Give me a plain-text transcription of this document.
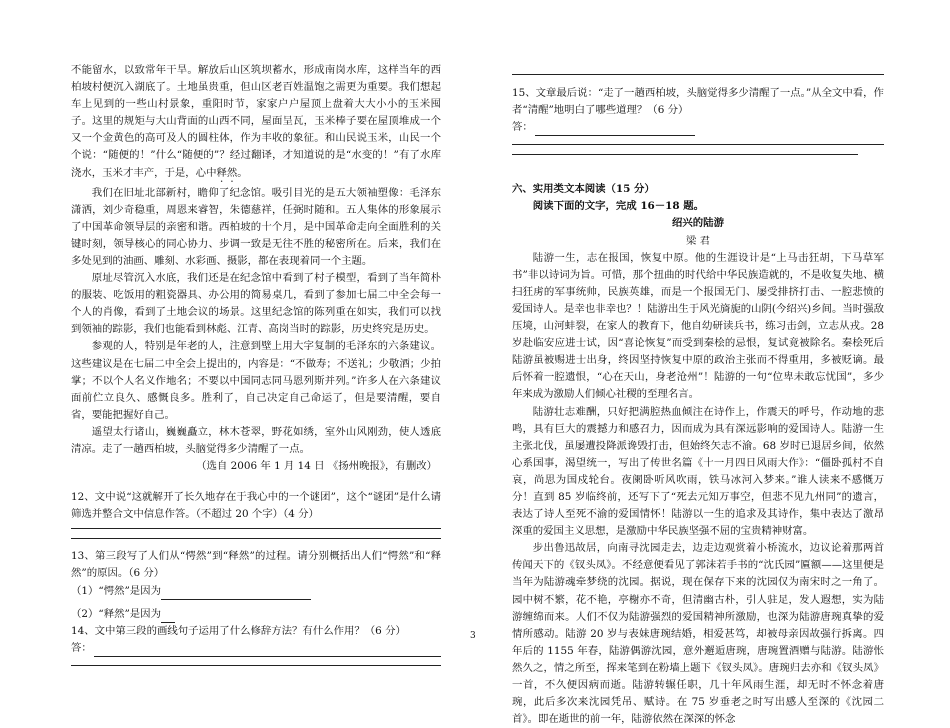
不能留水，以致常年干旱。解放后山区筑坝蓄水，形成南岗水库，这样当年的西柏坡村便沉入湖底了。土地虽贵重，但山区老百姓温饱之需更为重要。我们想起车上见到的一些山村景象，重阳时节，家家户户屋顶上盘着大大小小的玉米囤子。这里的规矩与大山背面的山西不同，屋面呈瓦，玉米棒子要在屋顶堆成一个又一个金黄色的高可及人的圆柱体，作为丰收的象征。和山民说玉米，山民一个个说：“随便的！”什么“随便的”？经过翻译，才知道说的是“水变的！”有了水库浇水，玉米才丰产，于是，心中释然。

我们在旧址北部新村，瞻仰了纪念馆。吸引目光的是五大领袖塑像：毛泽东潇洒，刘少奇稳重，周恩来睿智，朱德慈祥，任弼时随和。五人集体的形象展示了中国革命领导层的亲密和谐。西柏坡的十个月，是中国革命走向全面胜利的关键时刻，领导核心的同心协力、步调一致是无往不胜的秘密所在。后来，我们在多处见到的油画、雕刻、水彩画、摄影，都在表现着同一个主题。

原址尽管沉入水底，我们还是在纪念馆中看到了村子模型，看到了当年简朴的服装、吃饭用的粗瓷器具、办公用的简易桌几，看到了参加七届二中全会每一个人的肖像，看到了土地会议的场景。这里纪念馆的陈列重在如实，我们可以找到领袖的踪影，我们也能看到林彪、江青、高岗当时的踪影，历史终究是历史。

参观的人，特别是年老的人，注意到壁上用大字复制的毛泽东的六条建议。这些建议是在七届二中全会上提出的，内容是：“不做寿；不送礼；少敬酒；少拍掌；不以个人名义作地名；不要以中国同志同马恩列斯并列。”许多人在六条建议面前伫立良久、感慨良多。胜利了，自己决定自己命运了，但是要清醒，要自省，要能把握好自己。

遥望太行诸山，巍巍矗立，林木苍翠，野花如绣，室外山风刚劲，使人透底清凉。走了一趟西柏坡，头脑觉得多少清醒了一点。

（选自 2006 年 1 月 14 日 《扬州晚报》，有删改）

12、文中说“这就解开了长久地存在于我心中的一个谜团”，这个“谜团”是什么请筛选并整合文中信息作答。（不超过 20 个字）（4 分）

13、第三段写了人们从“愕然”到“释然”的过程。请分别概括出人们“愕然”和“释然”的原因。（6 分）

（1）“愕然”是因为

（2）“释然”是因为

14、文中第三段的画线句子运用了什么修辞方法？有什么作用？（6 分）

答：

15、文章最后说：“走了一趟西柏坡，头脑觉得多少清醒了一点。”从全文中看，作者“清醒”地明白了哪些道理？（6 分）

答：

六、实用类文本阅读（15 分）

阅读下面的文字，完成 16－18 题。

绍兴的陆游

梁 君

陆游一生，志在报国，恢复中原。他的生涯设计是“上马击狂胡，下马草军书”非以诗词为旨。可惜，那个扭曲的时代给中华民族造就的，不是收复失地、横扫狂虏的军事统帅，民族英雄，而是一个报国无门、屡受排挤打击、一腔悲愤的爱国诗人。是幸也非幸也？！陆游出生于风光旖旎的山阴(今绍兴)乡间。当时强敌压境，山河蚌裂，在家人的教育下，他自幼研读兵书，练习击剑，立志从戎。28 岁赴临安应进士试，因“喜论恢复”而受到秦桧的忌恨，复试竟被除名。秦桧死后陆游虽被赐进士出身，终因坚持恢复中原的政治主张而不得重用，多被贬谪。最后怀着一腔遗恨，“心在天山，身老沧州”！陆游的一句“位卑未敢忘忧国”，多少年来成为激励人们倾心社稷的至理名言。

陆游壮志难酬，只好把满腔热血倾注在诗作上，作震天的呼号，作动地的悲鸣，具有巨大的震撼力和感召力，因而成为具有深远影响的爱国诗人。陆游一生主张北伐，虽屡遭投降派谗毁打击，但始终矢志不渝。68 岁时已退居乡间，依然心系国事，渴望统一，写出了传世名篇《十一月四日风雨大作》：“僵卧孤村不自哀，尚思为国戍轮台。夜阑卧听风吹雨，铁马冰河入梦来。”谁人读来不感慨万分！直到 85 岁临终前，还写下了“死去元知万事空，但悲不见九州同”的遗言，表达了诗人至死不渝的爱国情怀！陆游以一生的追求及其诗作，集中表达了激昂深重的爱国主义思想，是激励中华民族坚强不屈的宝贵精神财富。

步出鲁迅故居，向南寻沈园走去，边走边观赏着小桥流水，边议论着那两首传闻天下的《钗头凤》。不经意便看见了郭沫若手书的“沈氏园”匾额——这里便是当年为陆游魂牵梦绕的沈园。据说，现在保存下来的沈园仅为南宋时之一角了。园中树不繁，花不艳，亭榭亦不奇，但清幽古朴，引人驻足，发人遐想，实为陆游缠绵而来。人们不仅为陆游强烈的爱国精神所激励，也深为陆游唐琬真挚的爱情所感动。陆游 20 岁与表妹唐琬结婚，相爱甚笃，却被母亲因故强行拆离。四年后的 1155 年春，陆游偶游沈园，意外邂逅唐琬，唐琬置酒赠与陆游。陆游怅然久之，情之所至，挥来笔到在粉墙上题下《钗头凤》。唐琬归去亦和《钗头凤》一首，不久便因病而逝。陆游转辗任职，几十年风雨生涯，却无时不怀念着唐琬，此后多次来沈园凭吊、赋诗。在 75 岁垂老之时写出感人至深的《沈园二首》。即在逝世的前一年，陆游依然在深深的怀念

3
